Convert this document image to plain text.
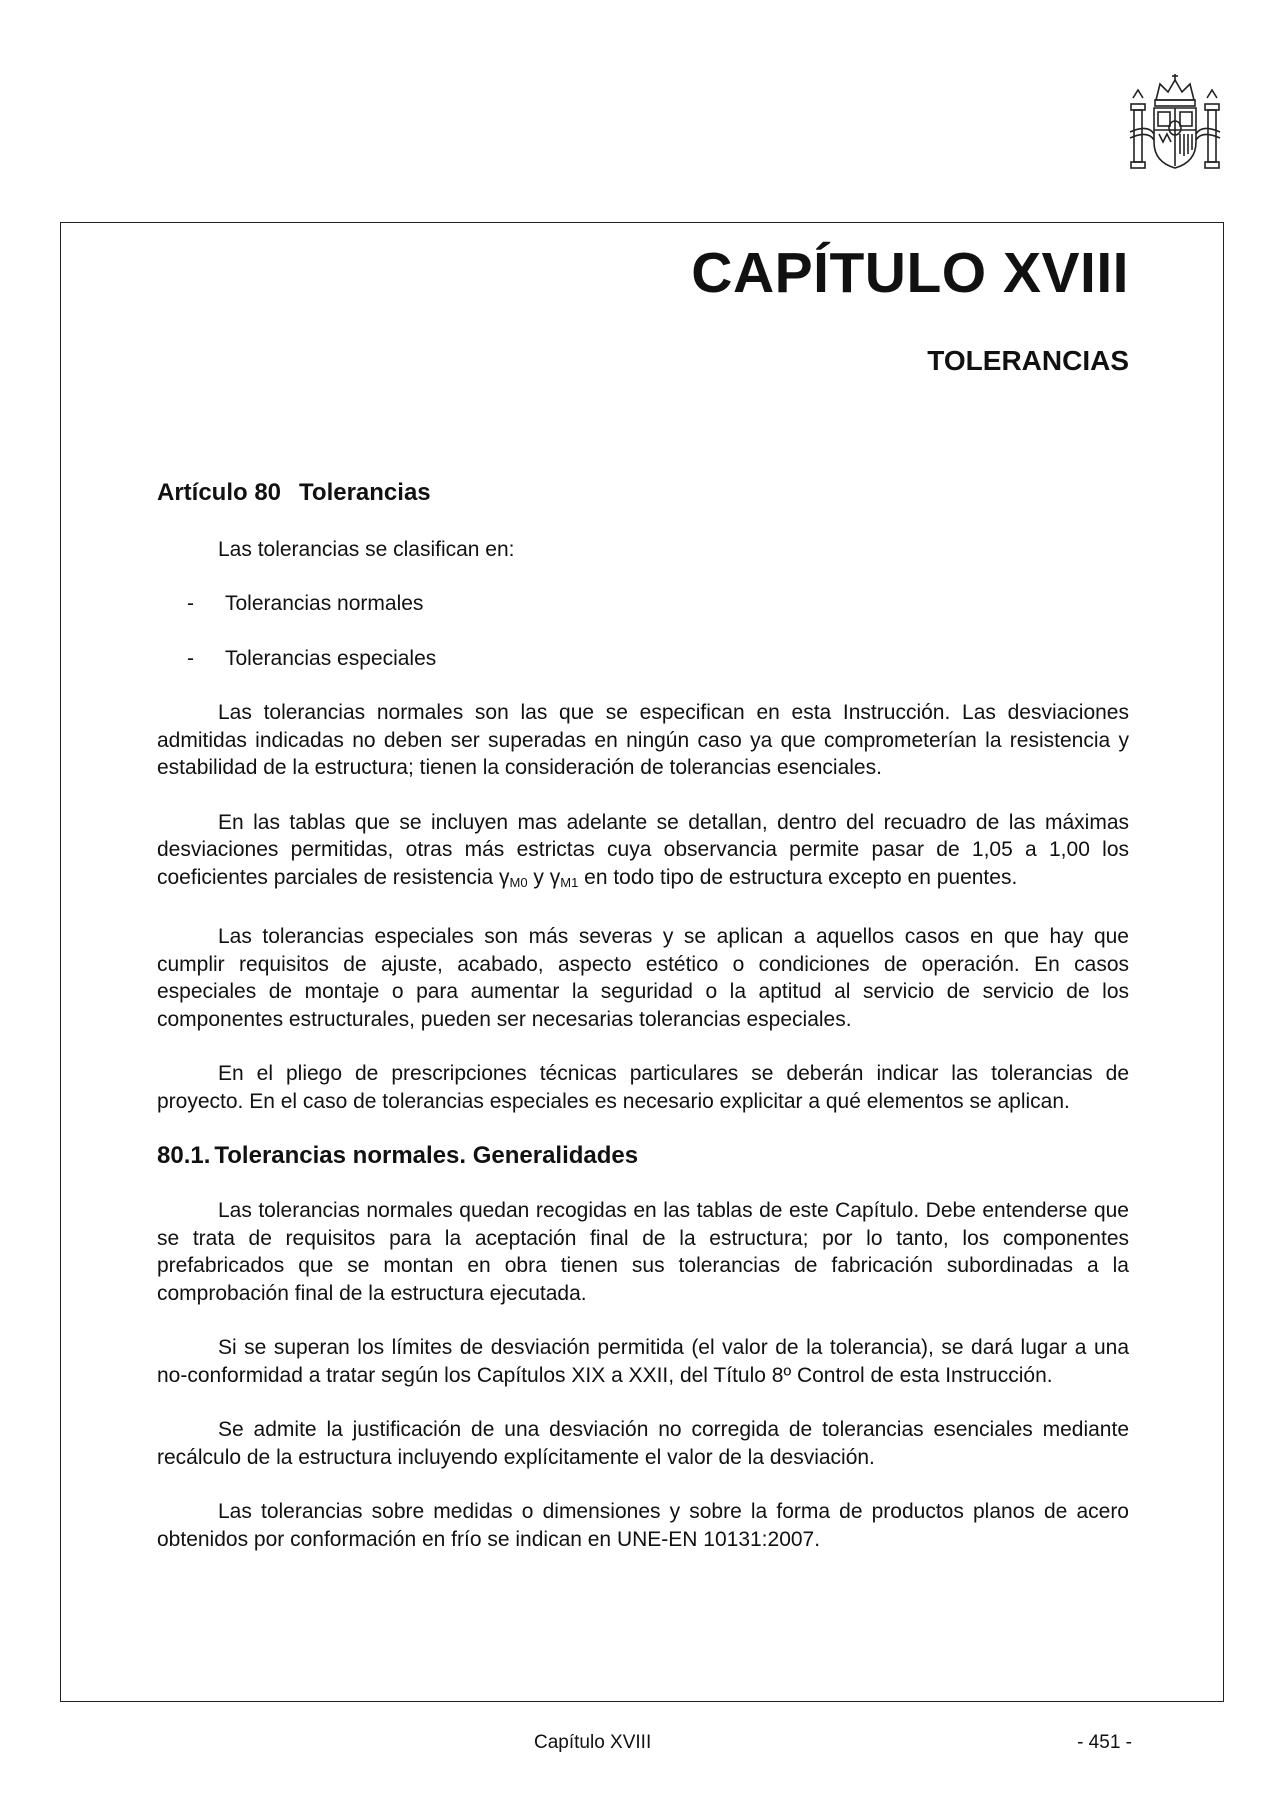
CAPÍTULO XVIII
TOLERANCIAS
Artículo 80 Tolerancias

Las tolerancias se clasifican en:

- Tolerancias normales
- Tolerancias especiales

Las tolerancias normales son las que se especifican en esta Instrucción. Las desviaciones admitidas indicadas no deben ser superadas en ningún caso ya que comprometerían la resistencia y estabilidad de la estructura; tienen la consideración de tolerancias esenciales.

En las tablas que se incluyen mas adelante se detallan, dentro del recuadro de las máximas desviaciones permitidas, otras más estrictas cuya observancia permite pasar de 1,05 a 1,00 los coeficientes parciales de resistencia $\gamma_{M0}$ y $\gamma_{M1}$ en todo tipo de estructura excepto en puentes.

Las tolerancias especiales son más severas y se aplican a aquellos casos en que hay que cumplir requisitos de ajuste, acabado, aspecto estético o condiciones de operación. En casos especiales de montaje o para aumentar la seguridad o la aptitud al servicio de servicio de los componentes estructurales, pueden ser necesarias tolerancias especiales.

En el pliego de prescripciones técnicas particulares se deberán indicar las tolerancias de proyecto. En el caso de tolerancias especiales es necesario explicitar a qué elementos se aplican.

80.1. Tolerancias normales. Generalidades

Las tolerancias normales quedan recogidas en las tablas de este Capítulo. Debe entenderse que se trata de requisitos para la aceptación final de la estructura; por lo tanto, los componentes prefabricados que se montan en obra tienen sus tolerancias de fabricación subordinadas a la comprobación final de la estructura ejecutada.

Si se superan los límites de desviación permitida (el valor de la tolerancia), se dará lugar a una no-conformidad a tratar según los Capítulos XIX a XXII, del Título 8º Control de esta Instrucción.

Se admite la justificación de una desviación no corregida de tolerancias esenciales mediante recálculo de la estructura incluyendo explícitamente el valor de la desviación.

Las tolerancias sobre medidas o dimensiones y sobre la forma de productos planos de acero obtenidos por conformación en frío se indican en UNE-EN 10131:2007.

Capítulo XVIII	- 451 -
